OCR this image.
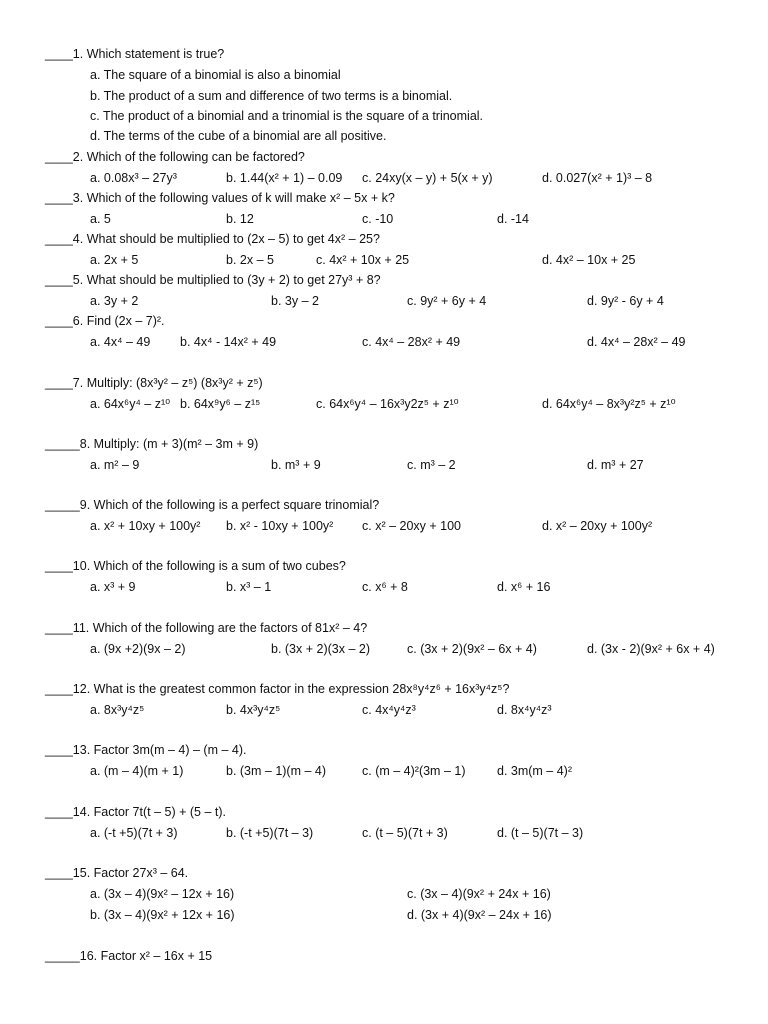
____1. Which statement is true?
a. The square of a binomial is also a binomial
b. The product of a sum and difference of two terms is a binomial.
c. The product of a binomial and a trinomial is the square of a trinomial.
d. The terms of the cube of a binomial are all positive.
____2. Which of the following can be factored?
a. 0.08x³ – 27y³	b. 1.44(x² + 1) – 0.09 c. 24xy(x – y) + 5(x + y)	d. 0.027(x² + 1)³ – 8
____3. Which of the following values of k will make x² – 5x + k?
a. 5	b. 12	c. -10	d. -14
____4. What should be multiplied to (2x – 5) to get 4x² – 25?
a. 2x + 5	b. 2x – 5	c. 4x² + 10x + 25	d. 4x² – 10x + 25
____5. What should be multiplied to (3y + 2) to get 27y³ + 8?
a. 3y + 2	b. 3y – 2	c. 9y² + 6y + 4	d. 9y² - 6y + 4
____6. Find (2x – 7)².
a. 4x⁴ – 49 b. 4x⁴ - 14x² + 49	c. 4x⁴ – 28x² + 49	d. 4x⁴ – 28x² – 49
____7. Multiply: (8x³y² – z⁵) (8x³y² + z⁵)
a. 64x⁶y⁴ – z¹⁰ b. 64x⁹y⁶ – z¹⁵	c. 64x⁶y⁴ – 16x³y2z⁵ + z¹⁰	d. 64x⁶y⁴ – 8x³y²z⁵ + z¹⁰
_____8. Multiply: (m + 3)(m² – 3m + 9)
a. m² – 9	b. m³ + 9	c. m³ – 2	d. m³ + 27
_____9. Which of the following is a perfect square trinomial?
a. x² + 10xy + 100y² b. x² - 10xy + 100y² c. x² – 20xy + 100	d. x² – 20xy + 100y²
____10. Which of the following is a sum of two cubes?
a. x³ + 9	b. x³ – 1	c. x⁶ + 8	d. x⁶ + 16
____11. Which of the following are the factors of 81x² – 4?
a. (9x +2)(9x – 2)	b. (3x + 2)(3x – 2)	c. (3x + 2)(9x² – 6x + 4)	d. (3x - 2)(9x² + 6x + 4)
____12. What is the greatest common factor in the expression 28x⁸y⁴z⁶ + 16x³y⁴z⁵?
a. 8x³y⁴z⁵	b. 4x³y⁴z⁵	c. 4x⁴y⁴z³	d. 8x⁴y⁴z³
____13. Factor 3m(m – 4) – (m – 4).
a. (m – 4)(m + 1)	b. (3m – 1)(m – 4)	c. (m – 4)²(3m – 1)	d. 3m(m – 4)²
____14. Factor 7t(t – 5) + (5 – t).
a. (-t +5)(7t + 3)	b. (-t +5)(7t – 3)	c. (t – 5)(7t + 3)	d. (t – 5)(7t – 3)
____15. Factor 27x³ – 64.
a. (3x – 4)(9x² – 12x + 16)	c. (3x – 4)(9x² + 24x + 16)
b. (3x – 4)(9x² + 12x + 16)	d. (3x + 4)(9x² – 24x + 16)
_____16. Factor x² – 16x + 15
